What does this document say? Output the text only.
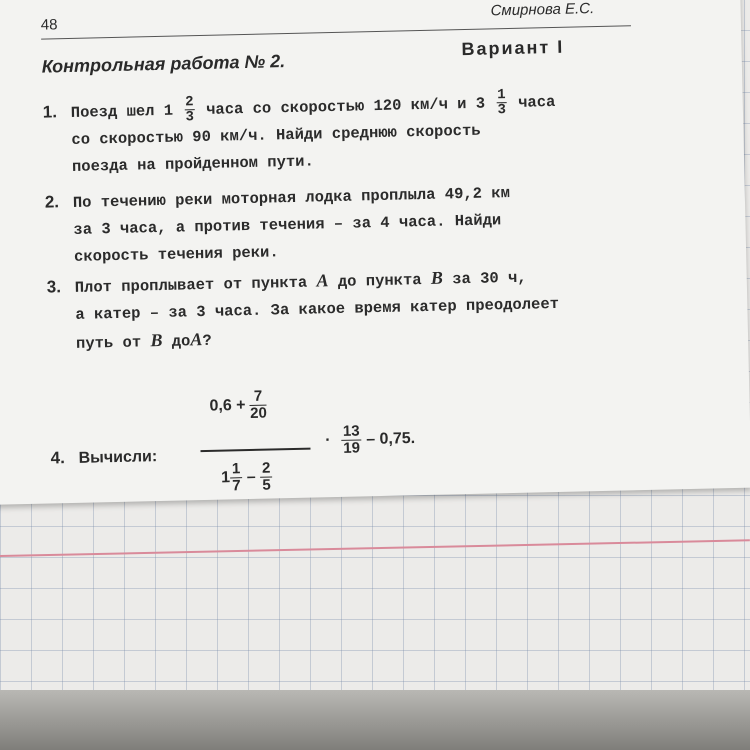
48
Смирнова Е.С.
Контрольная работа № 2.
Вариант I
1. Поезд шел $1 \frac{2}{3}$ часа со скоростью 120 км/ч и $3 \frac{1}{3}$ часа
со скоростью 90 км/ч. Найди среднюю скорость
поезда на пройденном пути.
2. По течению реки моторная лодка проплыла 49,2 км
за 3 часа, а против течения – за 4 часа. Найди
скорость течения реки.
3. Плот проплывает от пункта A до пункта B за 30 ч,
а катер – за 3 часа. За какое время катер преодолеет
путь от B доA?
4. Вычисли:
$0,6 + \frac{7}{20}$
$1 \frac{1}{7} - \frac{2}{5}$
· $\frac{13}{19} - 0,75$.
